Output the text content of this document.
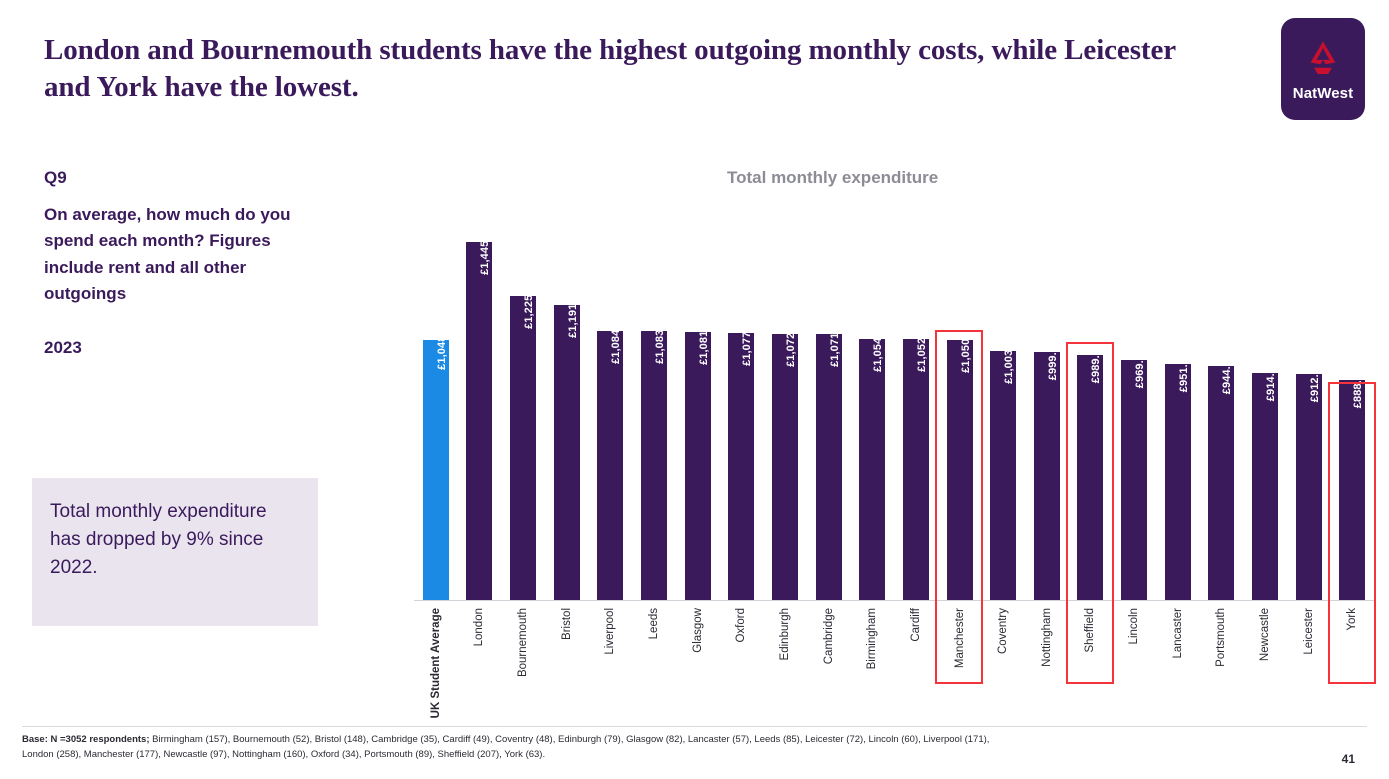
London and Bournemouth students have the highest outgoing monthly costs, while Leicester and York have the lowest.	NatWest
Q9
On average, how much do you spend each month? Figures include rent and all other outgoings
2023
Total monthly expenditure has dropped by 9% since 2022.
Total monthly expenditure
£1,048.3
£1,445.32
£1,225.05	£1,191.14
£1,084.41	£1,083.39	£1,081.62	£1,077.77	£1,072.61	£1,071.93	£1,054.42	£1,052.39	£1,050.04	£1,003.74	£999.10	£989.30	£969.74	£951.81	£944.70	£914.42	£912.36	£888.77
UK Student Average	London	Bournemouth	Bristol	Liverpool	Leeds	Glasgow	Oxford	Edinburgh	Cambridge	Birmingham	Cardiff	Manchester	Coventry	Nottingham	Sheffield	Lincoln	Lancaster	Portsmouth	Newcastle	Leicester	York
Base: N =3052 respondents; Birmingham (157), Bournemouth (52), Bristol (148), Cambridge (35), Cardiff (49), Coventry (48), Edinburgh (79), Glasgow (82), Lancaster (57), Leeds (85), Leicester (72), Lincoln (60), Liverpool (171), London (258), Manchester (177), Newcastle (97), Nottingham (160), Oxford (34), Portsmouth (89), Sheffield (207), York (63).	41
